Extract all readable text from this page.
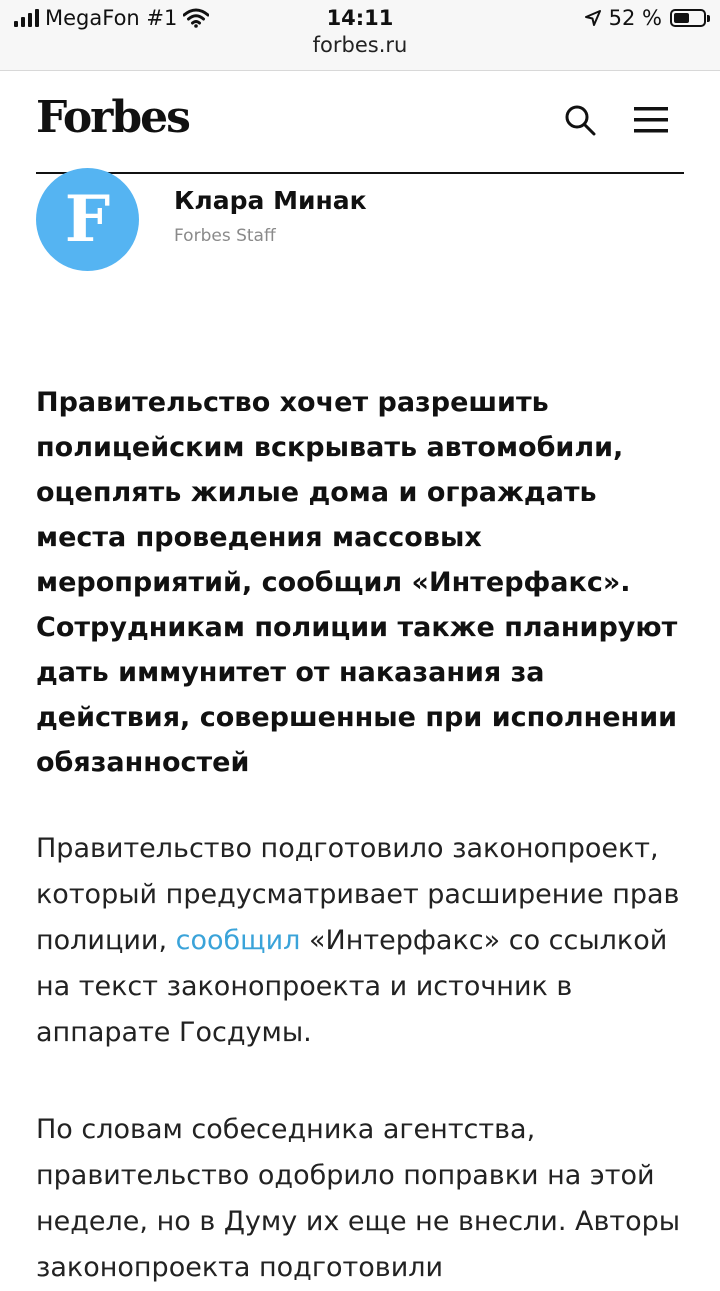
MegaFon #1	14:11
forbes.ru
52 %
Forbes
F	Клара Минак
Forbes Staff
Правительство хочет разрешить полицейским вскрывать автомобили, оцеплять жилые дома и ограждать места проведения массовых мероприятий, сообщил «Интерфакс». Сотрудникам полиции также планируют дать иммунитет от наказания за действия, совершенные при исполнении обязанностей
Правительство подготовило законопроект, который предусматривает расширение прав полиции, сообщил «Интерфакс» со ссылкой на текст законопроекта и источник в аппарате Госдумы.
По словам собеседника агентства, правительство одобрило поправки на этой неделе, но в Думу их еще не внесли. Авторы законопроекта подготовили
